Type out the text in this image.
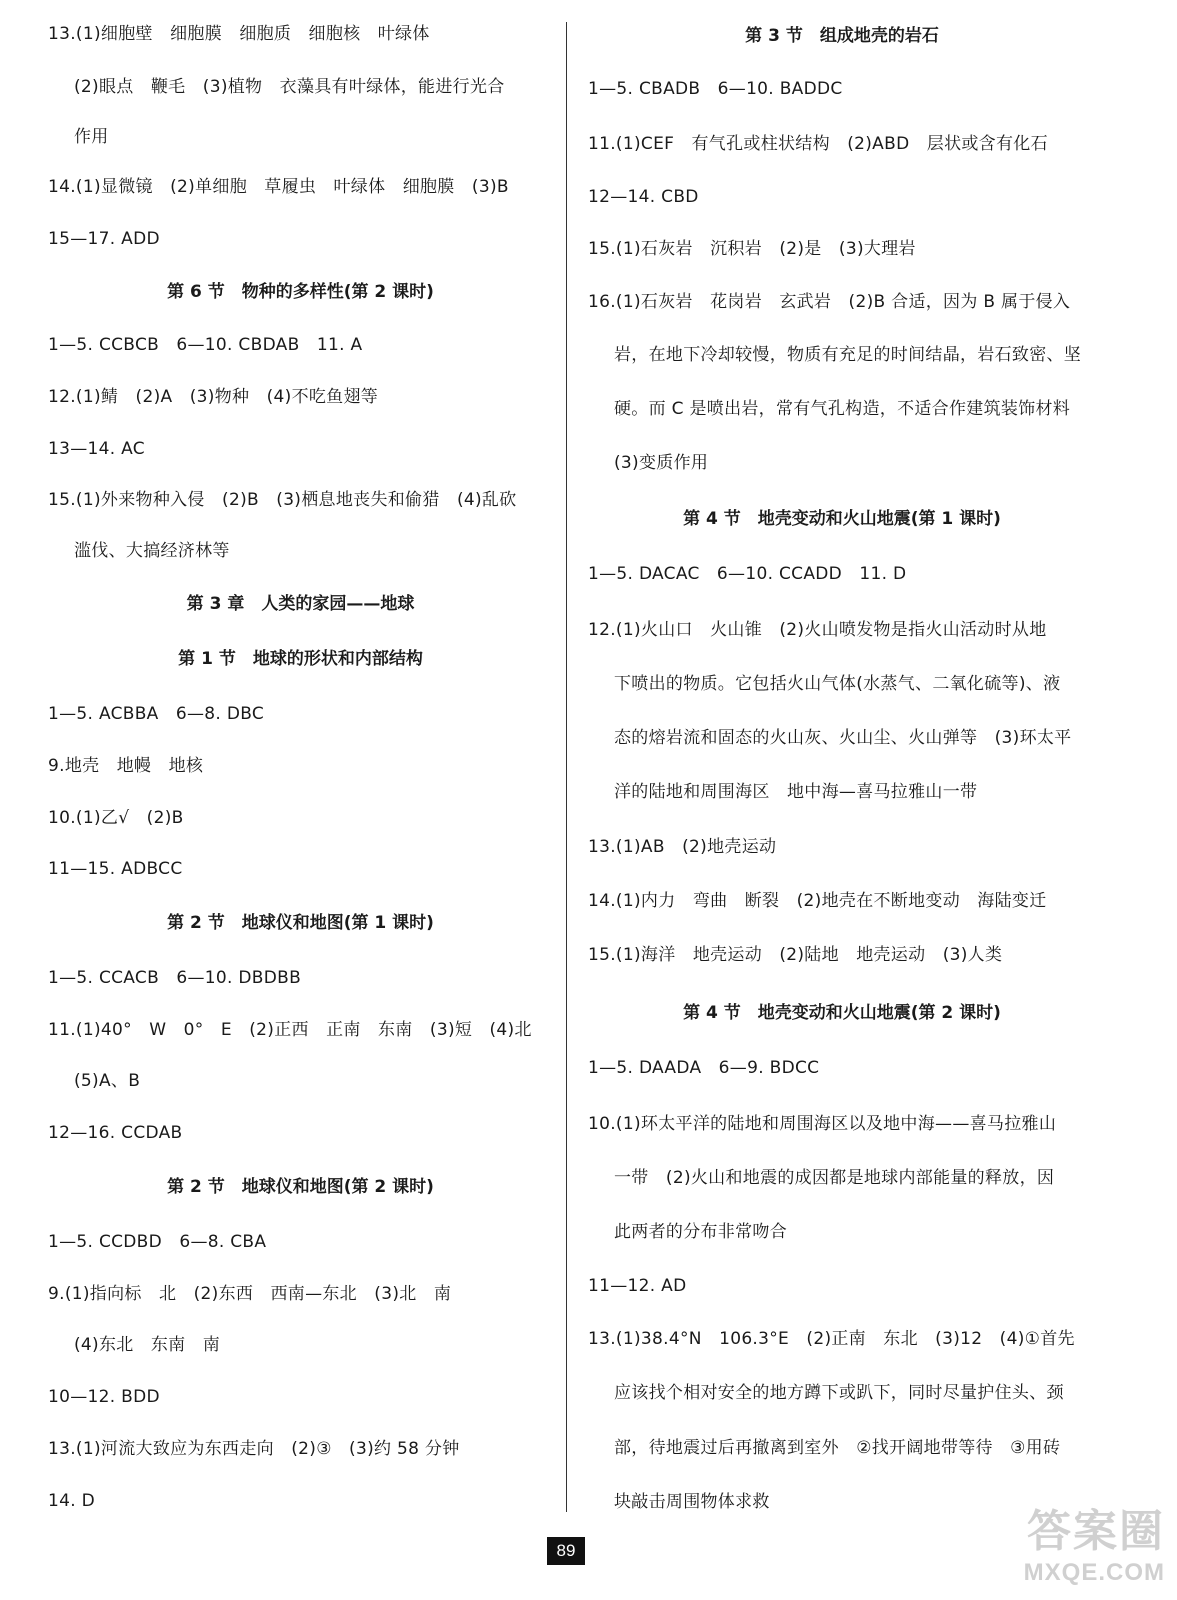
13.(1)细胞壁　细胞膜　细胞质　细胞核　叶绿体
(2)眼点　鞭毛　(3)植物　衣藻具有叶绿体，能进行光合
作用
14.(1)显微镜　(2)单细胞　草履虫　叶绿体　细胞膜　(3)B
15—17. ADD
第 6 节　物种的多样性(第 2 课时)
1—5. CCBCB　6—10. CBDAB　11. A
12.(1)鲭　(2)A　(3)物种　(4)不吃鱼翅等
13—14. AC
15.(1)外来物种入侵　(2)B　(3)栖息地丧失和偷猎　(4)乱砍
滥伐、大搞经济林等
第 3 章　人类的家园——地球
第 1 节　地球的形状和内部结构
1—5. ACBBA　6—8. DBC
9.地壳　地幔　地核
10.(1)乙√　(2)B
11—15. ADBCC
第 2 节　地球仪和地图(第 1 课时)
1—5. CCACB　6—10. DBDBB
11.(1)40°　W　0°　E　(2)正西　正南　东南　(3)短　(4)北
(5)A、B
12—16. CCDAB
第 2 节　地球仪和地图(第 2 课时)
1—5. CCDBD　6—8. CBA
9.(1)指向标　北　(2)东西　西南—东北　(3)北　南
(4)东北　东南　南
10—12. BDD
13.(1)河流大致应为东西走向　(2)③　(3)约 58 分钟
14. D
第 3 节　组成地壳的岩石
1—5. CBADB　6—10. BADDC
11.(1)CEF　有气孔或柱状结构　(2)ABD　层状或含有化石
12—14. CBD
15.(1)石灰岩　沉积岩　(2)是　(3)大理岩
16.(1)石灰岩　花岗岩　玄武岩　(2)B 合适，因为 B 属于侵入
岩，在地下冷却较慢，物质有充足的时间结晶，岩石致密、坚
硬。而 C 是喷出岩，常有气孔构造，不适合作建筑装饰材料
(3)变质作用
第 4 节　地壳变动和火山地震(第 1 课时)
1—5. DACAC　6—10. CCADD　11. D
12.(1)火山口　火山锥　(2)火山喷发物是指火山活动时从地
下喷出的物质。它包括火山气体(水蒸气、二氧化硫等)、液
态的熔岩流和固态的火山灰、火山尘、火山弹等　(3)环太平
洋的陆地和周围海区　地中海—喜马拉雅山一带
13.(1)AB　(2)地壳运动
14.(1)内力　弯曲　断裂　(2)地壳在不断地变动　海陆变迁
15.(1)海洋　地壳运动　(2)陆地　地壳运动　(3)人类
第 4 节　地壳变动和火山地震(第 2 课时)
1—5. DAADA　6—9. BDCC
10.(1)环太平洋的陆地和周围海区以及地中海——喜马拉雅山
一带　(2)火山和地震的成因都是地球内部能量的释放，因
此两者的分布非常吻合
11—12. AD
13.(1)38.4°N　106.3°E　(2)正南　东北　(3)12　(4)①首先
应该找个相对安全的地方蹲下或趴下，同时尽量护住头、颈
部，待地震过后再撤离到室外　②找开阔地带等待　③用砖
块敲击周围物体求救
89	答案圈
MXQE.COM
